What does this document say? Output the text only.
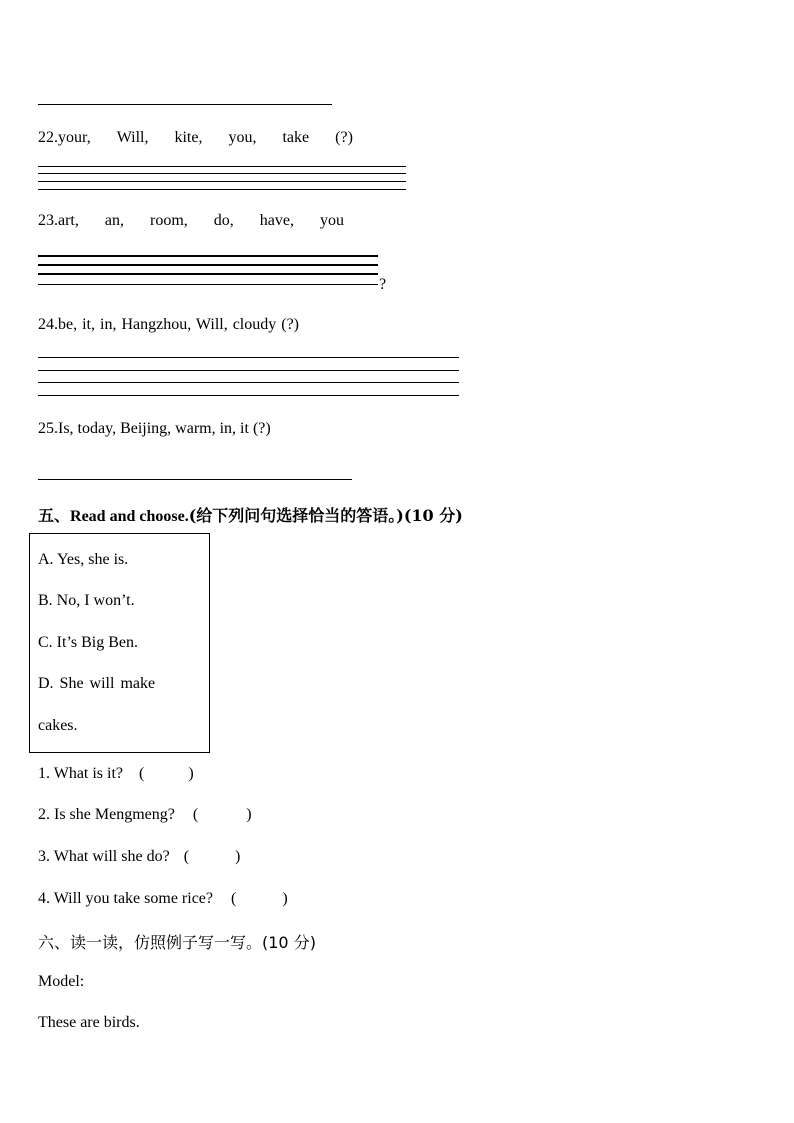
22.your, Will, kite, you, take (?)
23.art, an, room, do, have, you
?
24.be, it, in, Hangzhou, Will, cloudy (?)
25.Is, today, Beijing, warm, in, it (?)
五、Read and choose.(给下列问句选择恰当的答语。)(10 分)
A. Yes, she is.
B. No, I won’t.
C. It’s Big Ben.
D. She will make
cakes.
1. What is it? (	)
2. Is she Mengmeng? (	)
3. What will she do? (	)
4. Will you take some rice? (	)
六、读一读，仿照例子写一写。(10 分)
Model:
These are birds.
